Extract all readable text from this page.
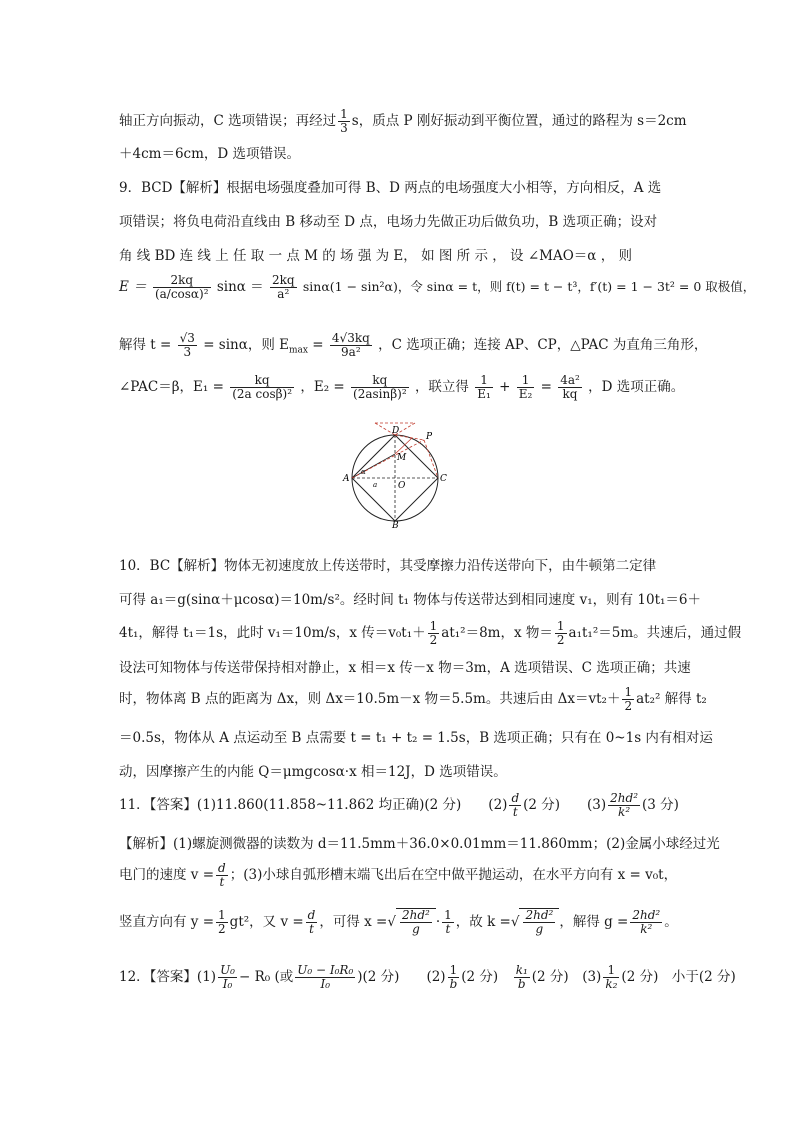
轴正方向振动，C 选项错误；再经过 $\frac{1}{3}$ s，质点 P 刚好振动到平衡位置，通过的路程为 s＝2cm
＋4cm＝6cm，D 选项错误。
9．BCD【解析】根据电场强度叠加可得 B、D 两点的电场强度大小相等，方向相反，A 选
项错误；将负电荷沿直线由 B 移动至 D 点，电场力先做正功后做负功，B 选项正确；设对
角 线 BD 连 线 上 任 取 一 点 M 的 场 强 为 E， 如 图 所 示 ， 设 ∠MAO＝α ， 则
$E = \frac{2kq}{\text{(a/cosα)²}}$ $\sin\alpha = \frac{2kq}{\text{a²}} \sin\alpha(1 - \sin^2\alpha)$，令 sinα = t，则 f(t) = t − t³，f′(t) = 1 − 3t² = 0 取极值，
解得 $t = \frac{√3}{3} = \sin\alpha$，则 $E_{max} = \frac{4√3kq}{\text{9a²}}$ ，C 选项正确；连接 AP、CP，△PAC 为直角三角形，
∠PAC＝β，$E_1 = \frac{kq}{\text{(2a cosβ)²}}$ ，$E_2 = \frac{kq}{\text{(2asinβ)²}}$ ，联立得 $\frac{1}{\text{E₁}} + \frac{1}{\text{E₂}} = \frac{\text{4a²}}{kq}$ ，D 选项正确。
D
P
M
A	C
O
B
α
a
10．BC【解析】物体无初速度放上传送带时，其受摩擦力沿传送带向下，由牛顿第二定律
可得 a₁＝g(sinα＋μcosα)＝10m/s²。经时间 t₁ 物体与传送带达到相同速度 v₁，则有 10t₁＝6＋
4t₁，解得 t₁＝1s，此时 v₁＝10m/s，x 传$=v_0t_1+ \frac{1}{2} at_1^2=8m$，x 物＝ $\frac{1}{2} a_1t_1^2=5m$。共速后，通过假
设法可知物体与传送带保持相对静止，x 相＝x 传－x 物＝3m，A 选项错误、C 选项正确；共速
时，物体离 B 点的距离为 Δx，则 Δx＝10.5m－x 物＝5.5m。共速后由 $\Delta x=vt_2+ \frac{1}{2} at_2^2$ 解得 t₂
＝0.5s，物体从 A 点运动至 B 点需要 t = t₁ + t₂ = 1.5s，B 选项正确；只有在 0~1s 内有相对运
动，因摩擦产生的内能 Q＝μmgcosα·x 相＝12J，D 选项错误。
11．【答案】(1)11.860(11.858~11.862 均正确)(2 分)　　$(2) \frac{d}{t} (2$ 分)　　$(3) \frac{\text{2hd²}}{\text{k²}} (3$ 分)
【解析】(1)螺旋测微器的读数为 d＝11.5mm＋36.0×0.01mm＝11.860mm；(2)金属小球经过光
电门的速度 $v = \frac{d}{t}$ ；(3)小球自弧形槽末端飞出后在空中做平抛运动，在水平方向有 x = v₀t，
竖直方向有 $y = \frac{1}{2} gt^2$，又 $v = \frac{d}{t}$ ，可得 x =√ $\frac{\text{2hd²}}{g} \cdot \frac{1}{t}$ ，故 k =√ $\frac{\text{2hd²}}{g}$ ，解得 $g = \frac{\text{2hd²}}{\text{k²}}$ 。
12．【答案】$(1) \frac{\text{U₀}}{\text{I₀}} - R_0$ (或 $\frac{\text{U₀ − I₀R₀}}{\text{I₀}} )(2$ 分)　　$(2) \frac{1}{b} (2$ 分)　 $\frac{\text{k₁}}{b} (2$ 分)　$(3) \frac{1}{\text{k₂}} (2$ 分)　小于(2 分)
